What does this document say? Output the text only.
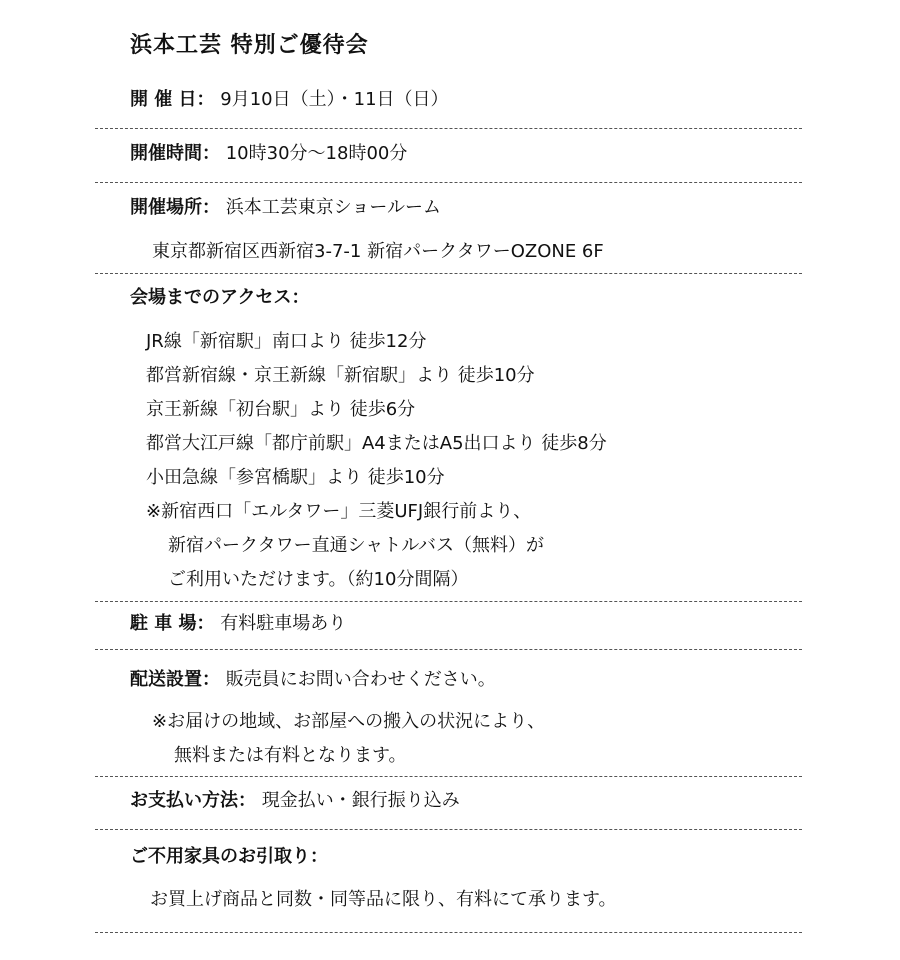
浜本工芸 特別ご優待会
開 催 日： 9月10日（土）・11日（日）
開催時間： 10時30分〜18時00分
開催場所： 浜本工芸東京ショールーム
東京都新宿区西新宿3-7-1 新宿パークタワーOZONE 6F
会場までのアクセス：
JR線「新宿駅」南口より 徒歩12分
都営新宿線・京王新線「新宿駅」より 徒歩10分
京王新線「初台駅」より 徒歩6分
都営大江戸線「都庁前駅」A4またはA5出口より 徒歩8分
小田急線「参宮橋駅」より 徒歩10分
※新宿西口「エルタワー」三菱UFJ銀行前より、
新宿パークタワー直通シャトルバス（無料）が
ご利用いただけます。（約10分間隔）
駐 車 場： 有料駐車場あり
配送設置： 販売員にお問い合わせください。
※お届けの地域、お部屋への搬入の状況により、
無料または有料となります。
お支払い方法： 現金払い・銀行振り込み
ご不用家具のお引取り：
お買上げ商品と同数・同等品に限り、有料にて承ります。
